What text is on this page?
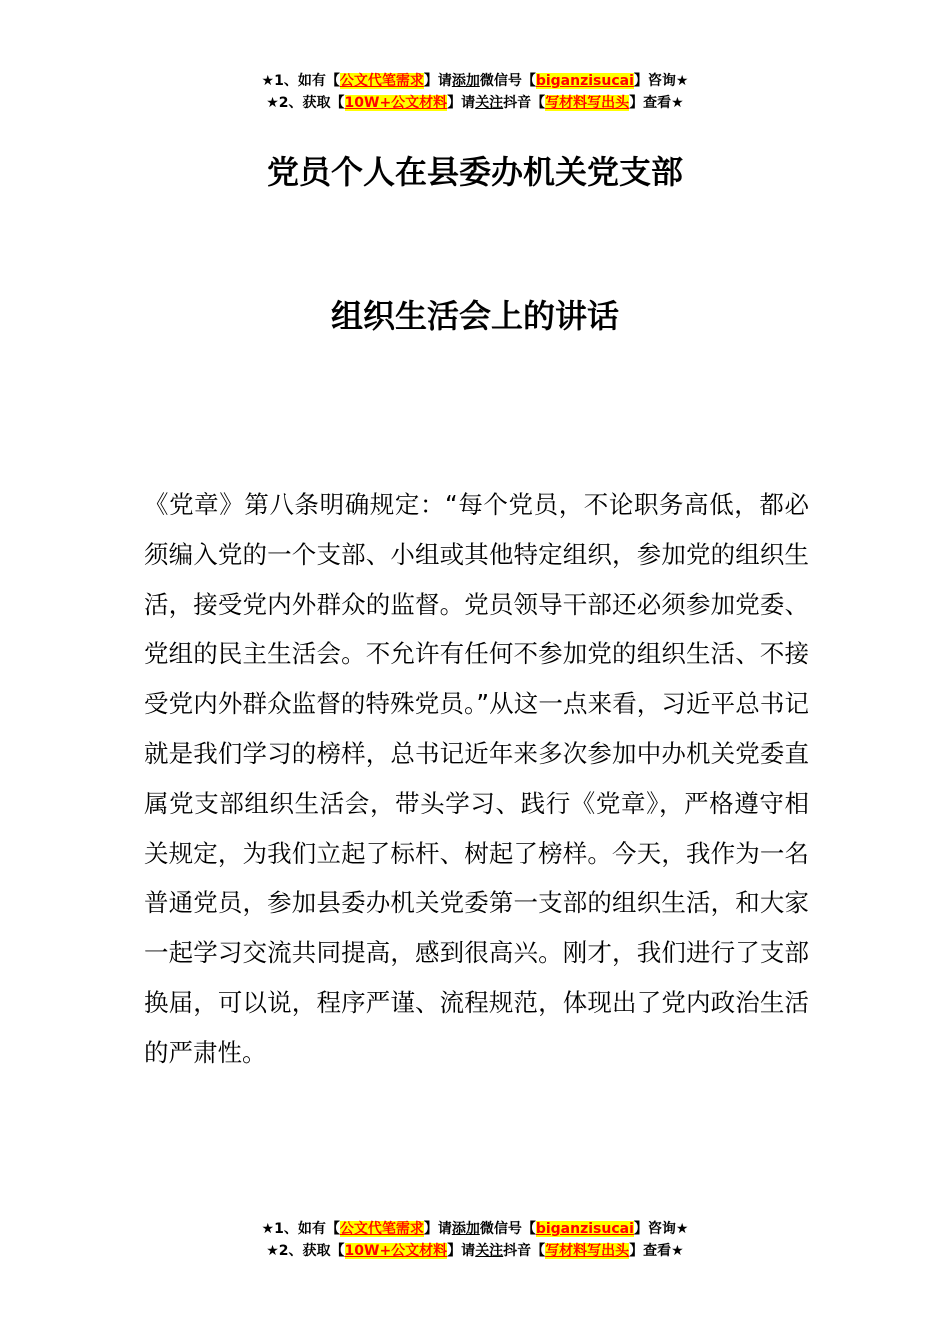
★1、如有【公文代笔需求】请添加微信号【biganzisucai】咨询★
★2、获取【10W+公文材料】请关注抖音【写材料写出头】查看★
党员个人在县委办机关党支部
组织生活会上的讲话

《党章》第八条明确规定：“每个党员，不论职务高低，都必须编入党的一个支部、小组或其他特定组织，参加党的组织生活，接受党内外群众的监督。党员领导干部还必须参加党委、党组的民主生活会。不允许有任何不参加党的组织生活、不接受党内外群众监督的特殊党员。”从这一点来看，习近平总书记就是我们学习的榜样，总书记近年来多次参加中办机关党委直属党支部组织生活会，带头学习、践行《党章》，严格遵守相关规定，为我们立起了标杆、树起了榜样。今天，我作为一名普通党员，参加县委办机关党委第一支部的组织生活，和大家一起学习交流共同提高，感到很高兴。刚才，我们进行了支部换届，可以说，程序严谨、流程规范，体现出了党内政治生活的严肃性。

★1、如有【公文代笔需求】请添加微信号【biganzisucai】咨询★
★2、获取【10W+公文材料】请关注抖音【写材料写出头】查看★
